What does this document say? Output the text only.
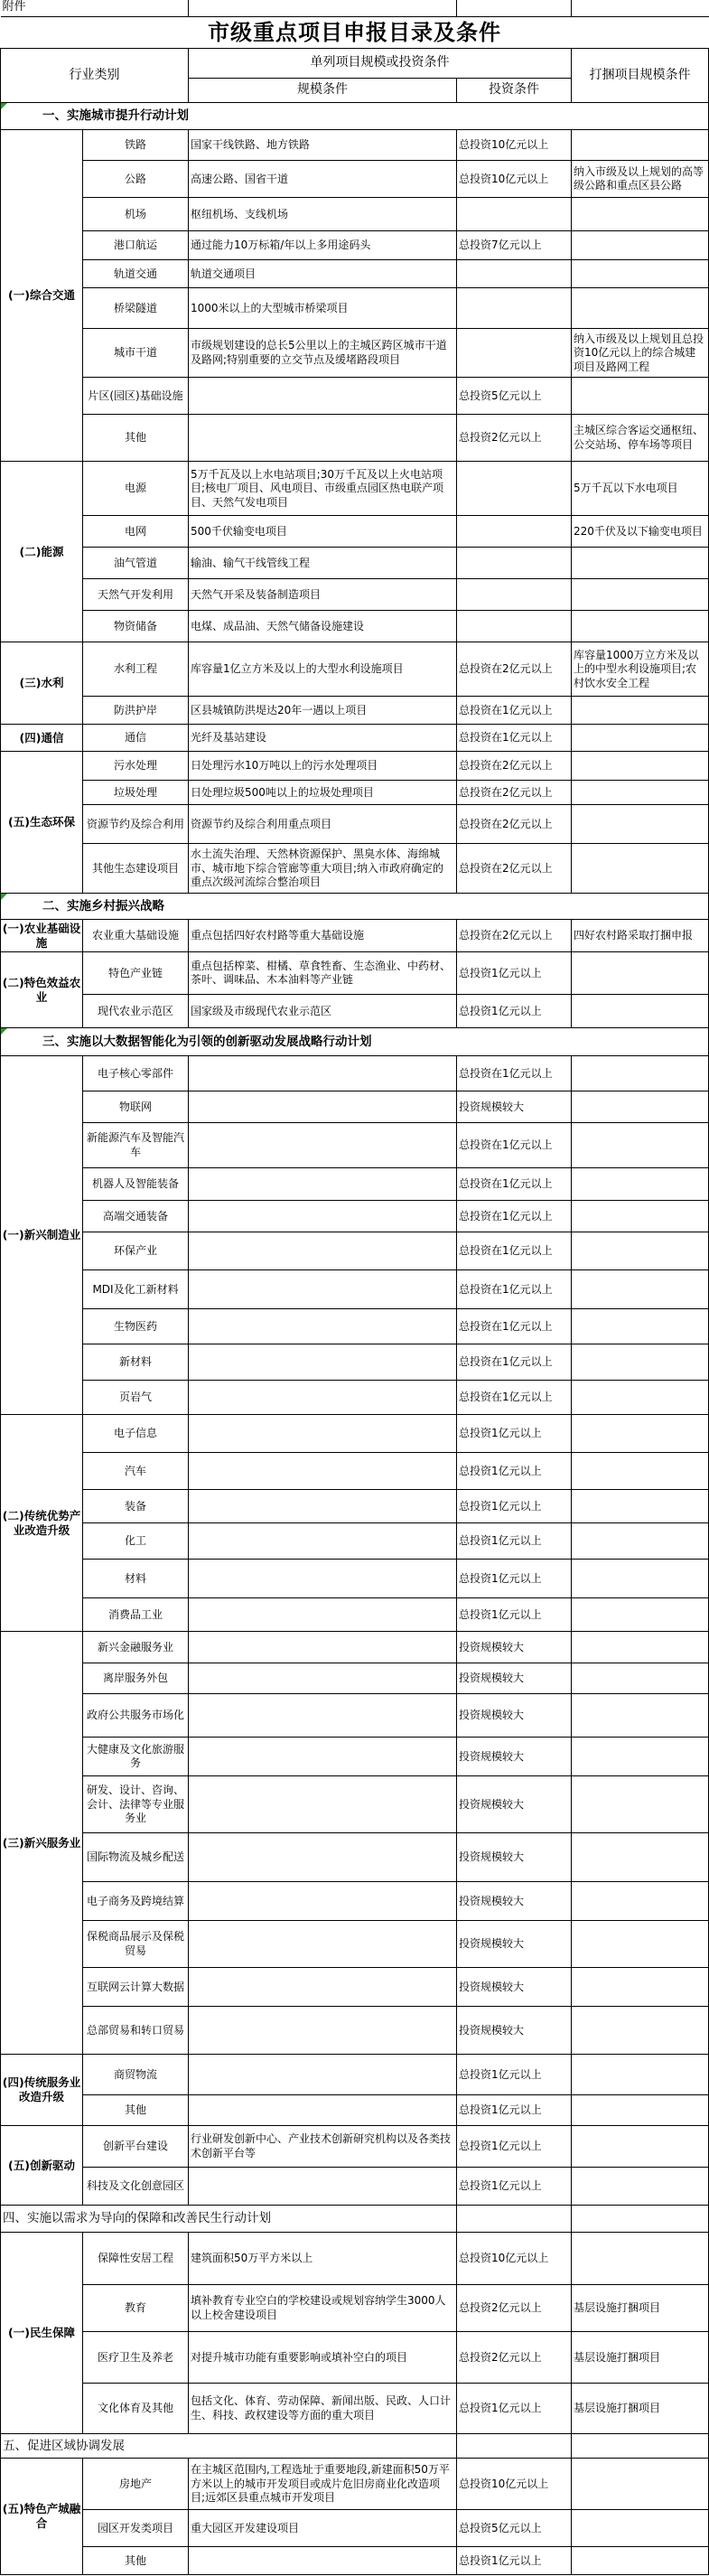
附件				
市级重点项目申报目录及条件				
行业类别		单列项目规模或投资条件		打捆项目规模条件
		规模条件	投资条件	
一、实施城市提升行动计划				

(一)综合交通	铁路	国家干线铁路、地方铁路	总投资10亿元以上	
	公路	高速公路、国省干道	总投资10亿元以上	纳入市级及以上规划的高等级公路和重点区县公路
	机场	枢纽机场、支线机场		
	港口航运	通过能力10万标箱/年以上多用途码头	总投资7亿元以上	
	轨道交通	轨道交通项目		
	桥梁隧道	1000米以上的大型城市桥梁项目		
	城市干道	市级规划建设的总长5公里以上的主城区跨区城市干道及路网;特别重要的立交节点及缓堵路段项目		纳入市级及以上规划且总投资10亿元以上的综合城建项目及路网工程
	片区(园区)基础设施		总投资5亿元以上	
	其他		总投资2亿元以上	主城区综合客运交通枢纽、公交站场、停车场等项目
(二)能源	电源	5万千瓦及以上水电站项目;30万千瓦及以上火电站项目;核电厂项目、风电项目、市级重点园区热电联产项目、天然气发电项目		5万千瓦以下水电项目
	电网	500千伏输变电项目		220千伏及以下输变电项目
	油气管道	输油、输气干线管线工程		
	天然气开发利用	天然气开采及装备制造项目		
	物资储备	电煤、成品油、天然气储备设施建设		
(三)水利	水利工程	库容量1亿立方米及以上的大型水利设施项目	总投资在2亿元以上	库容量1000万立方米及以上的中型水利设施项目;农村饮水安全工程
	防洪护岸	区县城镇防洪堤达20年一遇以上项目	总投资在1亿元以上	
(四)通信	通信	光纤及基站建设	总投资在1亿元以上	
(五)生态环保	污水处理	日处理污水10万吨以上的污水处理项目	总投资在2亿元以上	
	垃圾处理	日处理垃圾500吨以上的垃圾处理项目	总投资在2亿元以上	
	资源节约及综合利用	资源节约及综合利用重点项目	总投资在2亿元以上	
	其他生态建设项目	水土流失治理、天然林资源保护、黑臭水体、海绵城市、城市地下综合管廊等重大项目;纳入市政府确定的重点次级河流综合整治项目	总投资在2亿元以上	
二、实施乡村振兴战略				

(一)农业基础设施	农业重大基础设施	重点包括四好农村路等重大基础设施	总投资在2亿元以上	四好农村路采取打捆申报
(二)特色效益农业	特色产业链	重点包括榨菜、柑橘、草食牲畜、生态渔业、中药材、茶叶、调味品、木本油料等产业链	总投资1亿元以上	
	现代农业示范区	国家级及市级现代农业示范区	总投资1亿元以上	
三、实施以大数据智能化为引领的创新驱动发展战略行动计划				

(一)新兴制造业	电子核心零部件		总投资在1亿元以上	
	物联网		投资规模较大	
	新能源汽车及智能汽车		总投资在1亿元以上	
	机器人及智能装备		总投资在1亿元以上	
	高端交通装备		总投资在1亿元以上	
	环保产业		总投资在1亿元以上	
	MDI及化工新材料		总投资在1亿元以上	
	生物医药		总投资在1亿元以上	
	新材料		总投资在1亿元以上	
	页岩气		总投资在1亿元以上	
(二)传统优势产业改造升级	电子信息		总投资1亿元以上	
	汽车		总投资1亿元以上	
	装备		总投资1亿元以上	
	化工		总投资1亿元以上	
	材料		总投资1亿元以上	
	消费品工业		总投资1亿元以上	
(三)新兴服务业	新兴金融服务业		投资规模较大	
	离岸服务外包		投资规模较大	
	政府公共服务市场化		投资规模较大	
	大健康及文化旅游服务		投资规模较大	
	研发、设计、咨询、会计、法律等专业服务业		投资规模较大	
	国际物流及城乡配送		投资规模较大	
	电子商务及跨境结算		投资规模较大	
	保税商品展示及保税贸易		投资规模较大	
	互联网云计算大数据		投资规模较大	
	总部贸易和转口贸易		投资规模较大	
(四)传统服务业改造升级	商贸物流		总投资1亿元以上	
	其他		总投资1亿元以上	
(五)创新驱动	创新平台建设	行业研发创新中心、产业技术创新研究机构以及各类技术创新平台等	总投资1亿元以上	
	科技及文化创意园区		总投资1亿元以上	
四、实施以需求为导向的保障和改善民生行动计划				
(一)民生保障	保障性安居工程	建筑面积50万平方米以上	总投资10亿元以上	
	教育	填补教育专业空白的学校建设或规划容纳学生3000人以上校舍建设项目	总投资2亿元以上	基层设施打捆项目
	医疗卫生及养老	对提升城市功能有重要影响或填补空白的项目	总投资2亿元以上	基层设施打捆项目
	文化体育及其他	包括文化、体育、劳动保障、新闻出版、民政、人口计生、科技、政权建设等方面的重大项目	总投资1亿元以上	基层设施打捆项目
五、促进区域协调发展				
(五)特色产城融合	房地产	在主城区范围内,工程选址于重要地段,新建面积50万平方米以上的城市开发项目或成片危旧房商业化改造项目;远郊区县重点城市开发项目	总投资10亿元以上	
	园区开发类项目	重大园区开发建设项目	总投资5亿元以上	
	其他		总投资1亿元以上	
